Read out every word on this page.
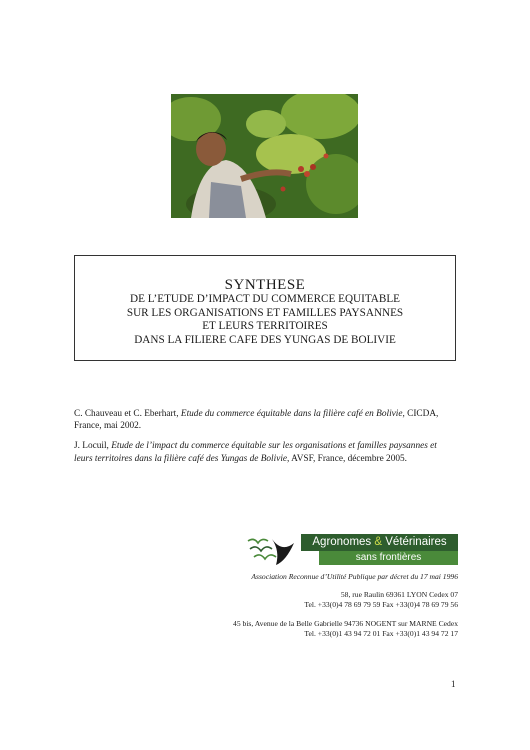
SYNTHESE
DE L’ETUDE D’IMPACT DU COMMERCE EQUITABLE
SUR LES ORGANISATIONS ET FAMILLES PAYSANNES
ET LEURS TERRITOIRES
DANS LA FILIERE CAFE DES YUNGAS DE BOLIVIE

C. Chauveau et C. Eberhart, Etude du commerce équitable dans la filière café en Bolivie, CICDA, France, mai 2002.

J. Locuil, Etude de l’impact du commerce équitable sur les organisations et familles paysannes et leurs territoires dans la filière café des Yungas de Bolivie, AVSF, France, décembre 2005.

Agronomes & Vétérinaires
sans frontières
Association Reconnue d’Utilité Publique par décret du 17 mai 1996
58, rue Raulin 69361 LYON Cedex 07
Tel. +33(0)4 78 69 79 59 Fax +33(0)4 78 69 79 56
45 bis, Avenue de la Belle Gabrielle 94736 NOGENT sur MARNE Cedex
Tel. +33(0)1 43 94 72 01 Fax +33(0)1 43 94 72 17
1
